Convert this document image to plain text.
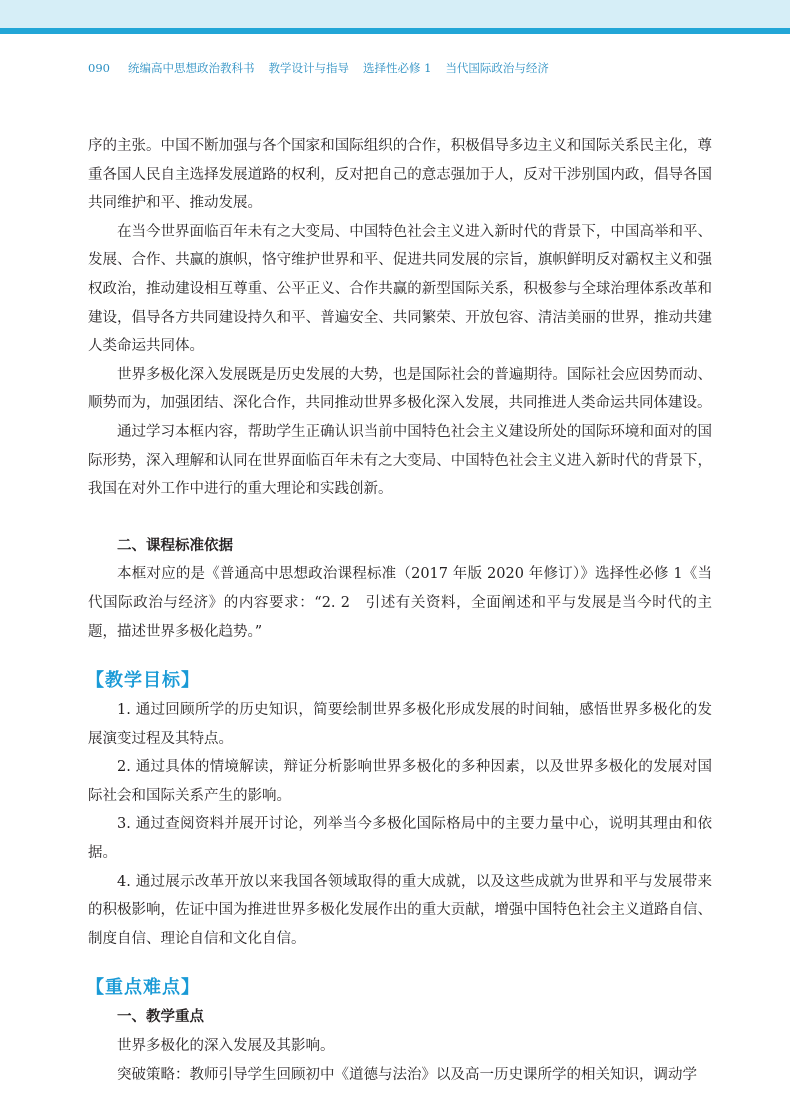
090 统编高中思想政治教科书 教学设计与指导 选择性必修 1 当代国际政治与经济

序的主张。中国不断加强与各个国家和国际组织的合作，积极倡导多边主义和国际关系民主化，尊重各国人民自主选择发展道路的权利，反对把自己的意志强加于人，反对干涉别国内政，倡导各国共同维护和平、推动发展。

在当今世界面临百年未有之大变局、中国特色社会主义进入新时代的背景下，中国高举和平、发展、合作、共赢的旗帜，恪守维护世界和平、促进共同发展的宗旨，旗帜鲜明反对霸权主义和强权政治，推动建设相互尊重、公平正义、合作共赢的新型国际关系，积极参与全球治理体系改革和建设，倡导各方共同建设持久和平、普遍安全、共同繁荣、开放包容、清洁美丽的世界，推动共建人类命运共同体。

世界多极化深入发展既是历史发展的大势，也是国际社会的普遍期待。国际社会应因势而动、顺势而为，加强团结、深化合作，共同推动世界多极化深入发展，共同推进人类命运共同体建设。

通过学习本框内容，帮助学生正确认识当前中国特色社会主义建设所处的国际环境和面对的国际形势，深入理解和认同在世界面临百年未有之大变局、中国特色社会主义进入新时代的背景下，我国在对外工作中进行的重大理论和实践创新。

二、课程标准依据

本框对应的是《普通高中思想政治课程标准（2017 年版 2020 年修订）》选择性必修 1《当代国际政治与经济》的内容要求：“2. 2　引述有关资料，全面阐述和平与发展是当今时代的主题，描述世界多极化趋势。”

【教学目标】

1. 通过回顾所学的历史知识，简要绘制世界多极化形成发展的时间轴，感悟世界多极化的发展演变过程及其特点。

2. 通过具体的情境解读，辩证分析影响世界多极化的多种因素，以及世界多极化的发展对国际社会和国际关系产生的影响。

3. 通过查阅资料并展开讨论，列举当今多极化国际格局中的主要力量中心，说明其理由和依据。

4. 通过展示改革开放以来我国各领域取得的重大成就，以及这些成就为世界和平与发展带来的积极影响，佐证中国为推进世界多极化发展作出的重大贡献，增强中国特色社会主义道路自信、制度自信、理论自信和文化自信。

【重点难点】

一、教学重点

世界多极化的深入发展及其影响。

突破策略：教师引导学生回顾初中《道德与法治》以及高一历史课所学的相关知识，调动学
